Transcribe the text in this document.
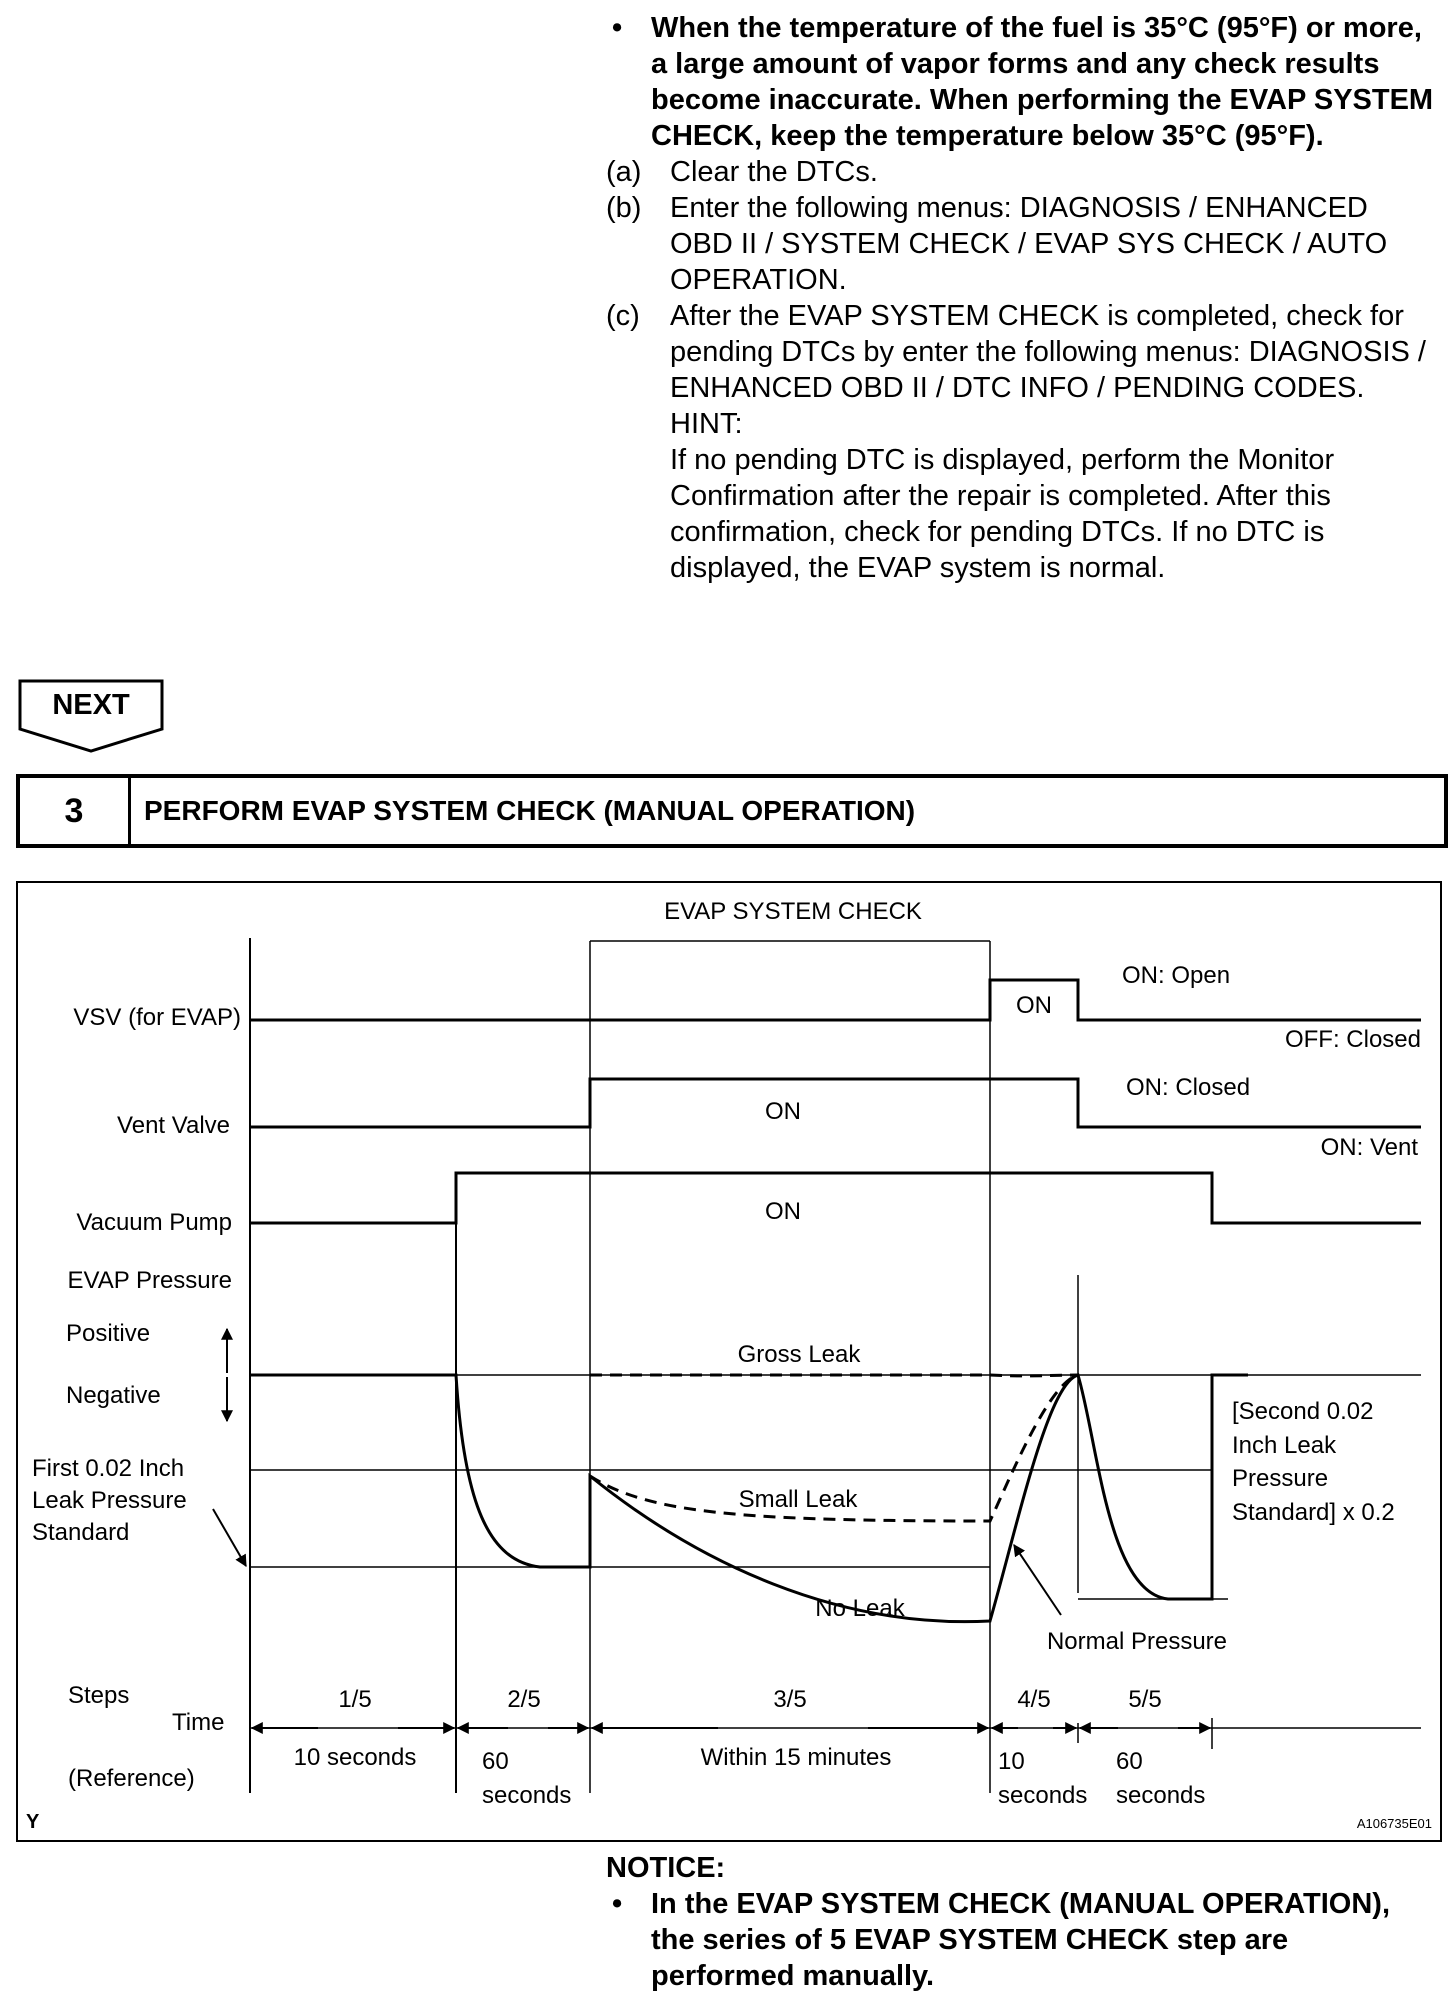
• When the temperature of the fuel is 35°C (95°F) or more, a large amount of vapor forms and any check results become inaccurate. When performing the EVAP SYSTEM CHECK, keep the temperature below 35°C (95°F).
(a) Clear the DTCs.
(b) Enter the following menus: DIAGNOSIS / ENHANCED OBD II / SYSTEM CHECK / EVAP SYS CHECK / AUTO OPERATION.
(c) After the EVAP SYSTEM CHECK is completed, check for pending DTCs by enter the following menus: DIAGNOSIS / ENHANCED OBD II / DTC INFO / PENDING CODES.
HINT:
If no pending DTC is displayed, perform the Monitor Confirmation after the repair is completed. After this confirmation, check for pending DTCs. If no DTC is displayed, the EVAP system is normal.
NEXT
3	PERFORM EVAP SYSTEM CHECK (MANUAL OPERATION)
EVAP SYSTEM CHECK
VSV (for EVAP)
Vent Valve
Vacuum Pump
EVAP Pressure
Positive
Negative
First 0.02 Inch Leak Pressure Standard
ON
ON: Open
OFF: Closed
ON
ON: Closed
ON: Vent
ON
Gross Leak
Small Leak
No Leak
Normal Pressure
[Second 0.02 Inch Leak Pressure Standard] x 0.2
Steps
Time
(Reference)
1/5	2/5	3/5	4/5	5/5
10 seconds	60 seconds
Within 15 minutes	10 seconds
60 seconds
Y	A106735E01
NOTICE:
• In the EVAP SYSTEM CHECK (MANUAL OPERATION), the series of 5 EVAP SYSTEM CHECK step are performed manually.
